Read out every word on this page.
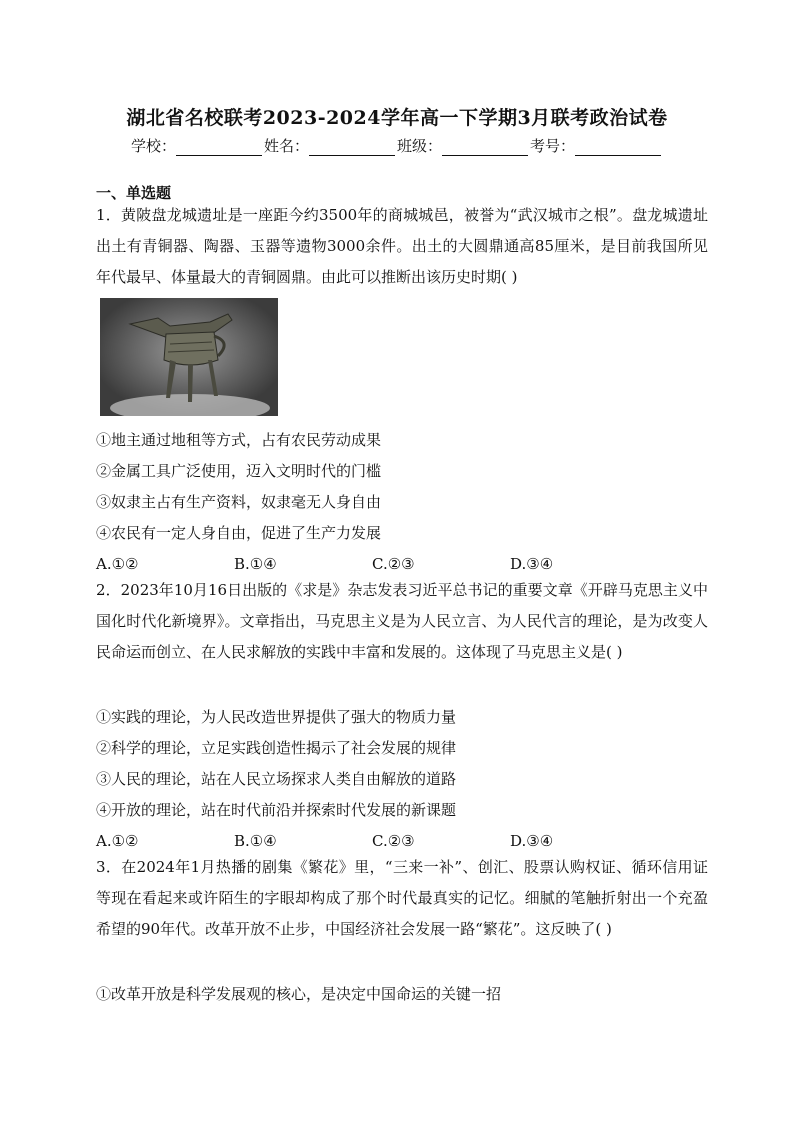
湖北省名校联考2023-2024学年高一下学期3月联考政治试卷
学校：	姓名：	班级：	考号：
一、单选题
1．黄陂盘龙城遗址是一座距今约3500年的商城城邑，被誉为“武汉城市之根”。盘龙城遗址出土有青铜器、陶器、玉器等遗物3000余件。出土的大圆鼎通高85厘米，是目前我国所见年代最早、体量最大的青铜圆鼎。由此可以推断出该历史时期( )
①地主通过地租等方式，占有农民劳动成果
②金属工具广泛使用，迈入文明时代的门槛
③奴隶主占有生产资料，奴隶毫无人身自由
④农民有一定人身自由，促进了生产力发展
A.①②	B.①④	C.②③	D.③④
2．2023年10月16日出版的《求是》杂志发表习近平总书记的重要文章《开辟马克思主义中国化时代化新境界》。文章指出，马克思主义是为人民立言、为人民代言的理论，是为改变人民命运而创立、在人民求解放的实践中丰富和发展的。这体现了马克思主义是( )
①实践的理论，为人民改造世界提供了强大的物质力量
②科学的理论，立足实践创造性揭示了社会发展的规律
③人民的理论，站在人民立场探求人类自由解放的道路
④开放的理论，站在时代前沿并探索时代发展的新课题
A.①②	B.①④	C.②③	D.③④
3．在2024年1月热播的剧集《繁花》里，“三来一补”、创汇、股票认购权证、循环信用证等现在看起来或许陌生的字眼却构成了那个时代最真实的记忆。细腻的笔触折射出一个充盈希望的90年代。改革开放不止步，中国经济社会发展一路“繁花”。这反映了( )
①改革开放是科学发展观的核心，是决定中国命运的关键一招
